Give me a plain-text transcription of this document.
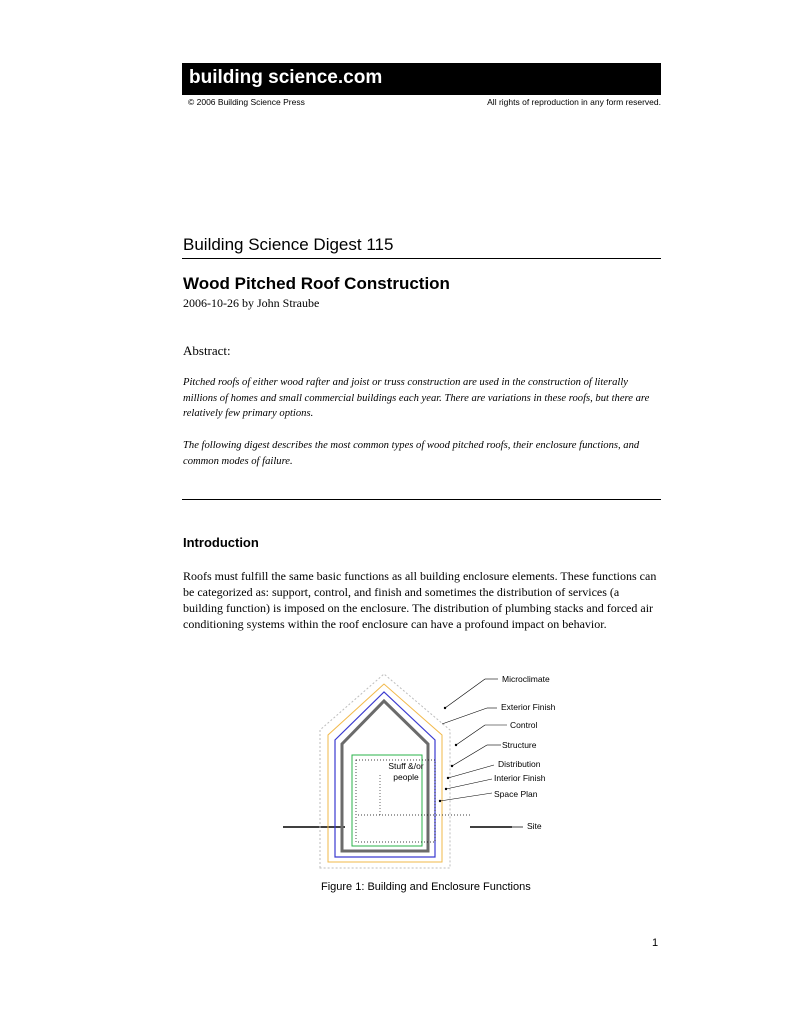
building science.com
© 2006 Building Science Press	All rights of reproduction in any form reserved.
Building Science Digest 115
Wood Pitched Roof Construction
2006-10-26 by John Straube
Abstract:
Pitched roofs of either wood rafter and joist or truss construction are used in the construction of literally millions of homes and small commercial buildings each year. There are variations in these roofs, but there are relatively few primary options.
The following digest describes the most common types of wood pitched roofs, their enclosure functions, and common modes of failure.
Introduction
Roofs must fulfill the same basic functions as all building enclosure elements. These functions can be categorized as: support, control, and finish and sometimes the distribution of services (a building function) is imposed on the enclosure. The distribution of plumbing stacks and forced air conditioning systems within the roof enclosure can have a profound impact on behavior.
Stuff &/or
people
Microclimate
Exterior Finish
Control
Structure
Distribution
Interior Finish
Space Plan
Site
Figure 1: Building and Enclosure Functions
1
